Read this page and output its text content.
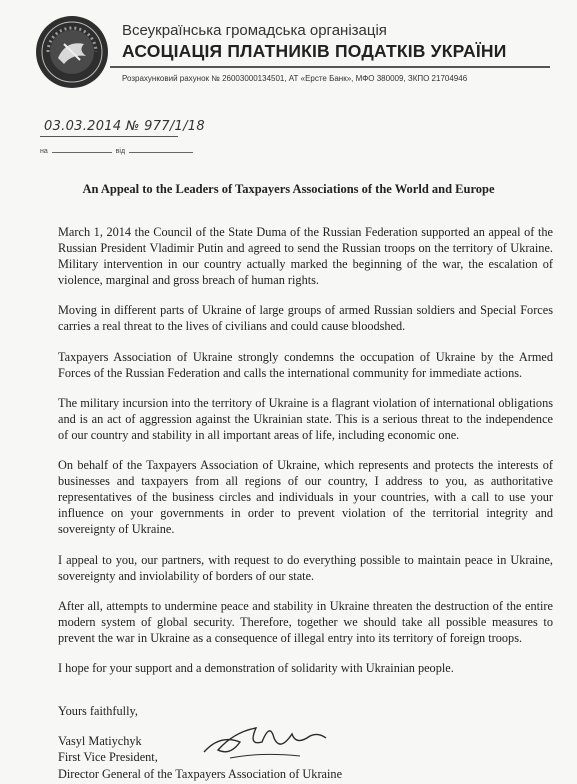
Всеукраїнська громадська організація
АСОЦІАЦІЯ ПЛАТНИКІВ ПОДАТКІВ УКРАЇНИ
Розрахунковий рахунок № 26003000134501, АТ «Ерсте Банк», МФО 380009, ЗКПО 21704946
03.03.2014 № 977/1/18
на	від
An Appeal to the Leaders of Taxpayers Associations of the World and Europe

March 1, 2014 the Council of the State Duma of the Russian Federation supported an appeal of the Russian President Vladimir Putin and agreed to send the Russian troops on the territory of Ukraine. Military intervention in our country actually marked the beginning of the war, the escalation of violence, marginal and gross breach of human rights.

Moving in different parts of Ukraine of large groups of armed Russian soldiers and Special Forces carries a real threat to the lives of civilians and could cause bloodshed.

Taxpayers Association of Ukraine strongly condemns the occupation of Ukraine by the Armed Forces of the Russian Federation and calls the international community for immediate actions.

The military incursion into the territory of Ukraine is a flagrant violation of international obligations and is an act of aggression against the Ukrainian state. This is a serious threat to the independence of our country and stability in all important areas of life, including economic one.

On behalf of the Taxpayers Association of Ukraine, which represents and protects the interests of businesses and taxpayers from all regions of our country, I address to you, as authoritative representatives of the business circles and individuals in your countries, with a call to use your influence on your governments in order to prevent violation of the territorial integrity and sovereignty of Ukraine.

I appeal to you, our partners, with request to do everything possible to maintain peace in Ukraine, sovereignty and inviolability of borders of our state.

After all, attempts to undermine peace and stability in Ukraine threaten the destruction of the entire modern system of global security. Therefore, together we should take all possible measures to prevent the war in Ukraine as a consequence of illegal entry into its territory of foreign troops.

I hope for your support and a demonstration of solidarity with Ukrainian people.

Yours faithfully,
Vasyl Matiychyk
First Vice President,
Director General of the Taxpayers Association of Ukraine
